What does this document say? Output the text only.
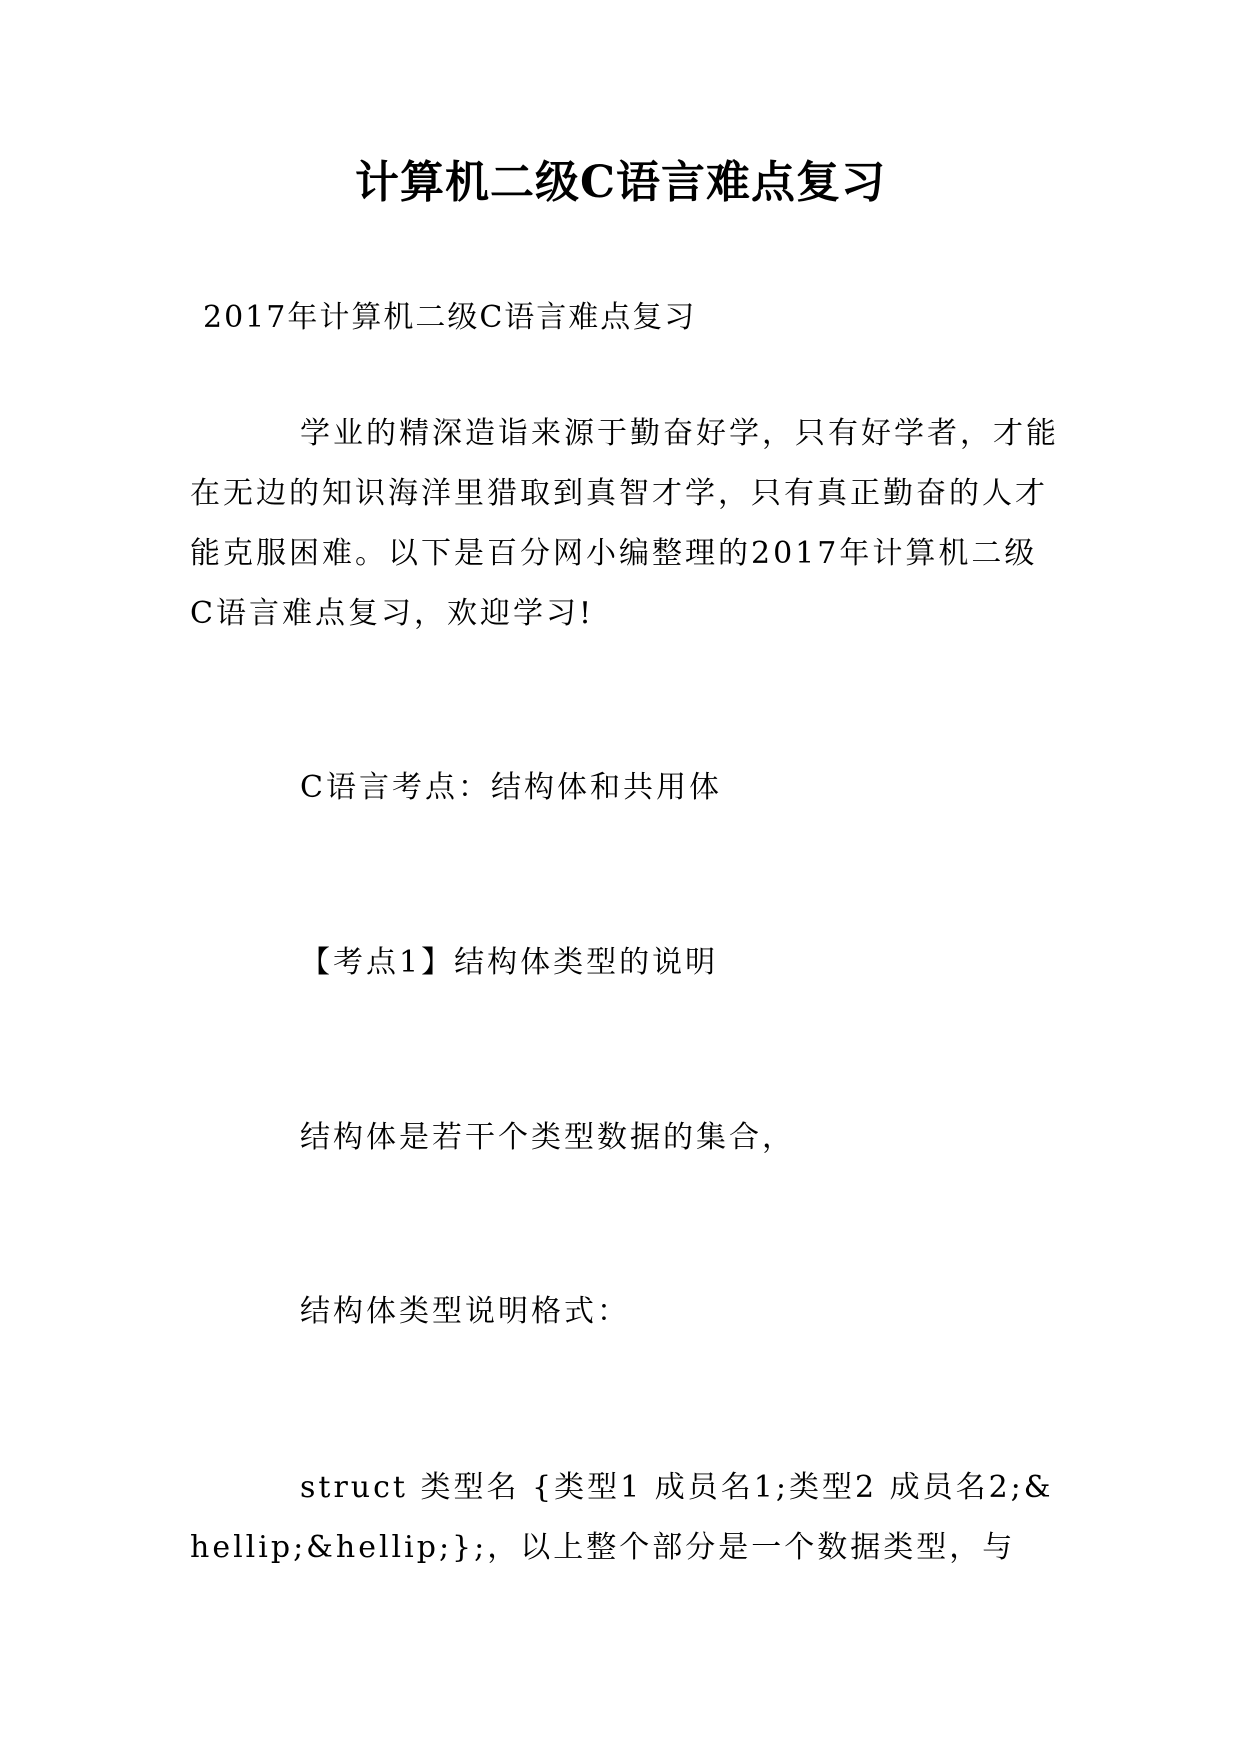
计算机二级C语言难点复习

2017年计算机二级C语言难点复习

学业的精深造诣来源于勤奋好学，只有好学者，才能在无边的知识海洋里猎取到真智才学，只有真正勤奋的人才能克服困难。以下是百分网小编整理的2017年计算机二级C语言难点复习，欢迎学习!

C语言考点：结构体和共用体

【考点1】结构体类型的说明

结构体是若干个类型数据的集合，

结构体类型说明格式：

struct 类型名 {类型1 成员名1;类型2 成员名2;&hellip;&hellip;};，以上整个部分是一个数据类型，与
